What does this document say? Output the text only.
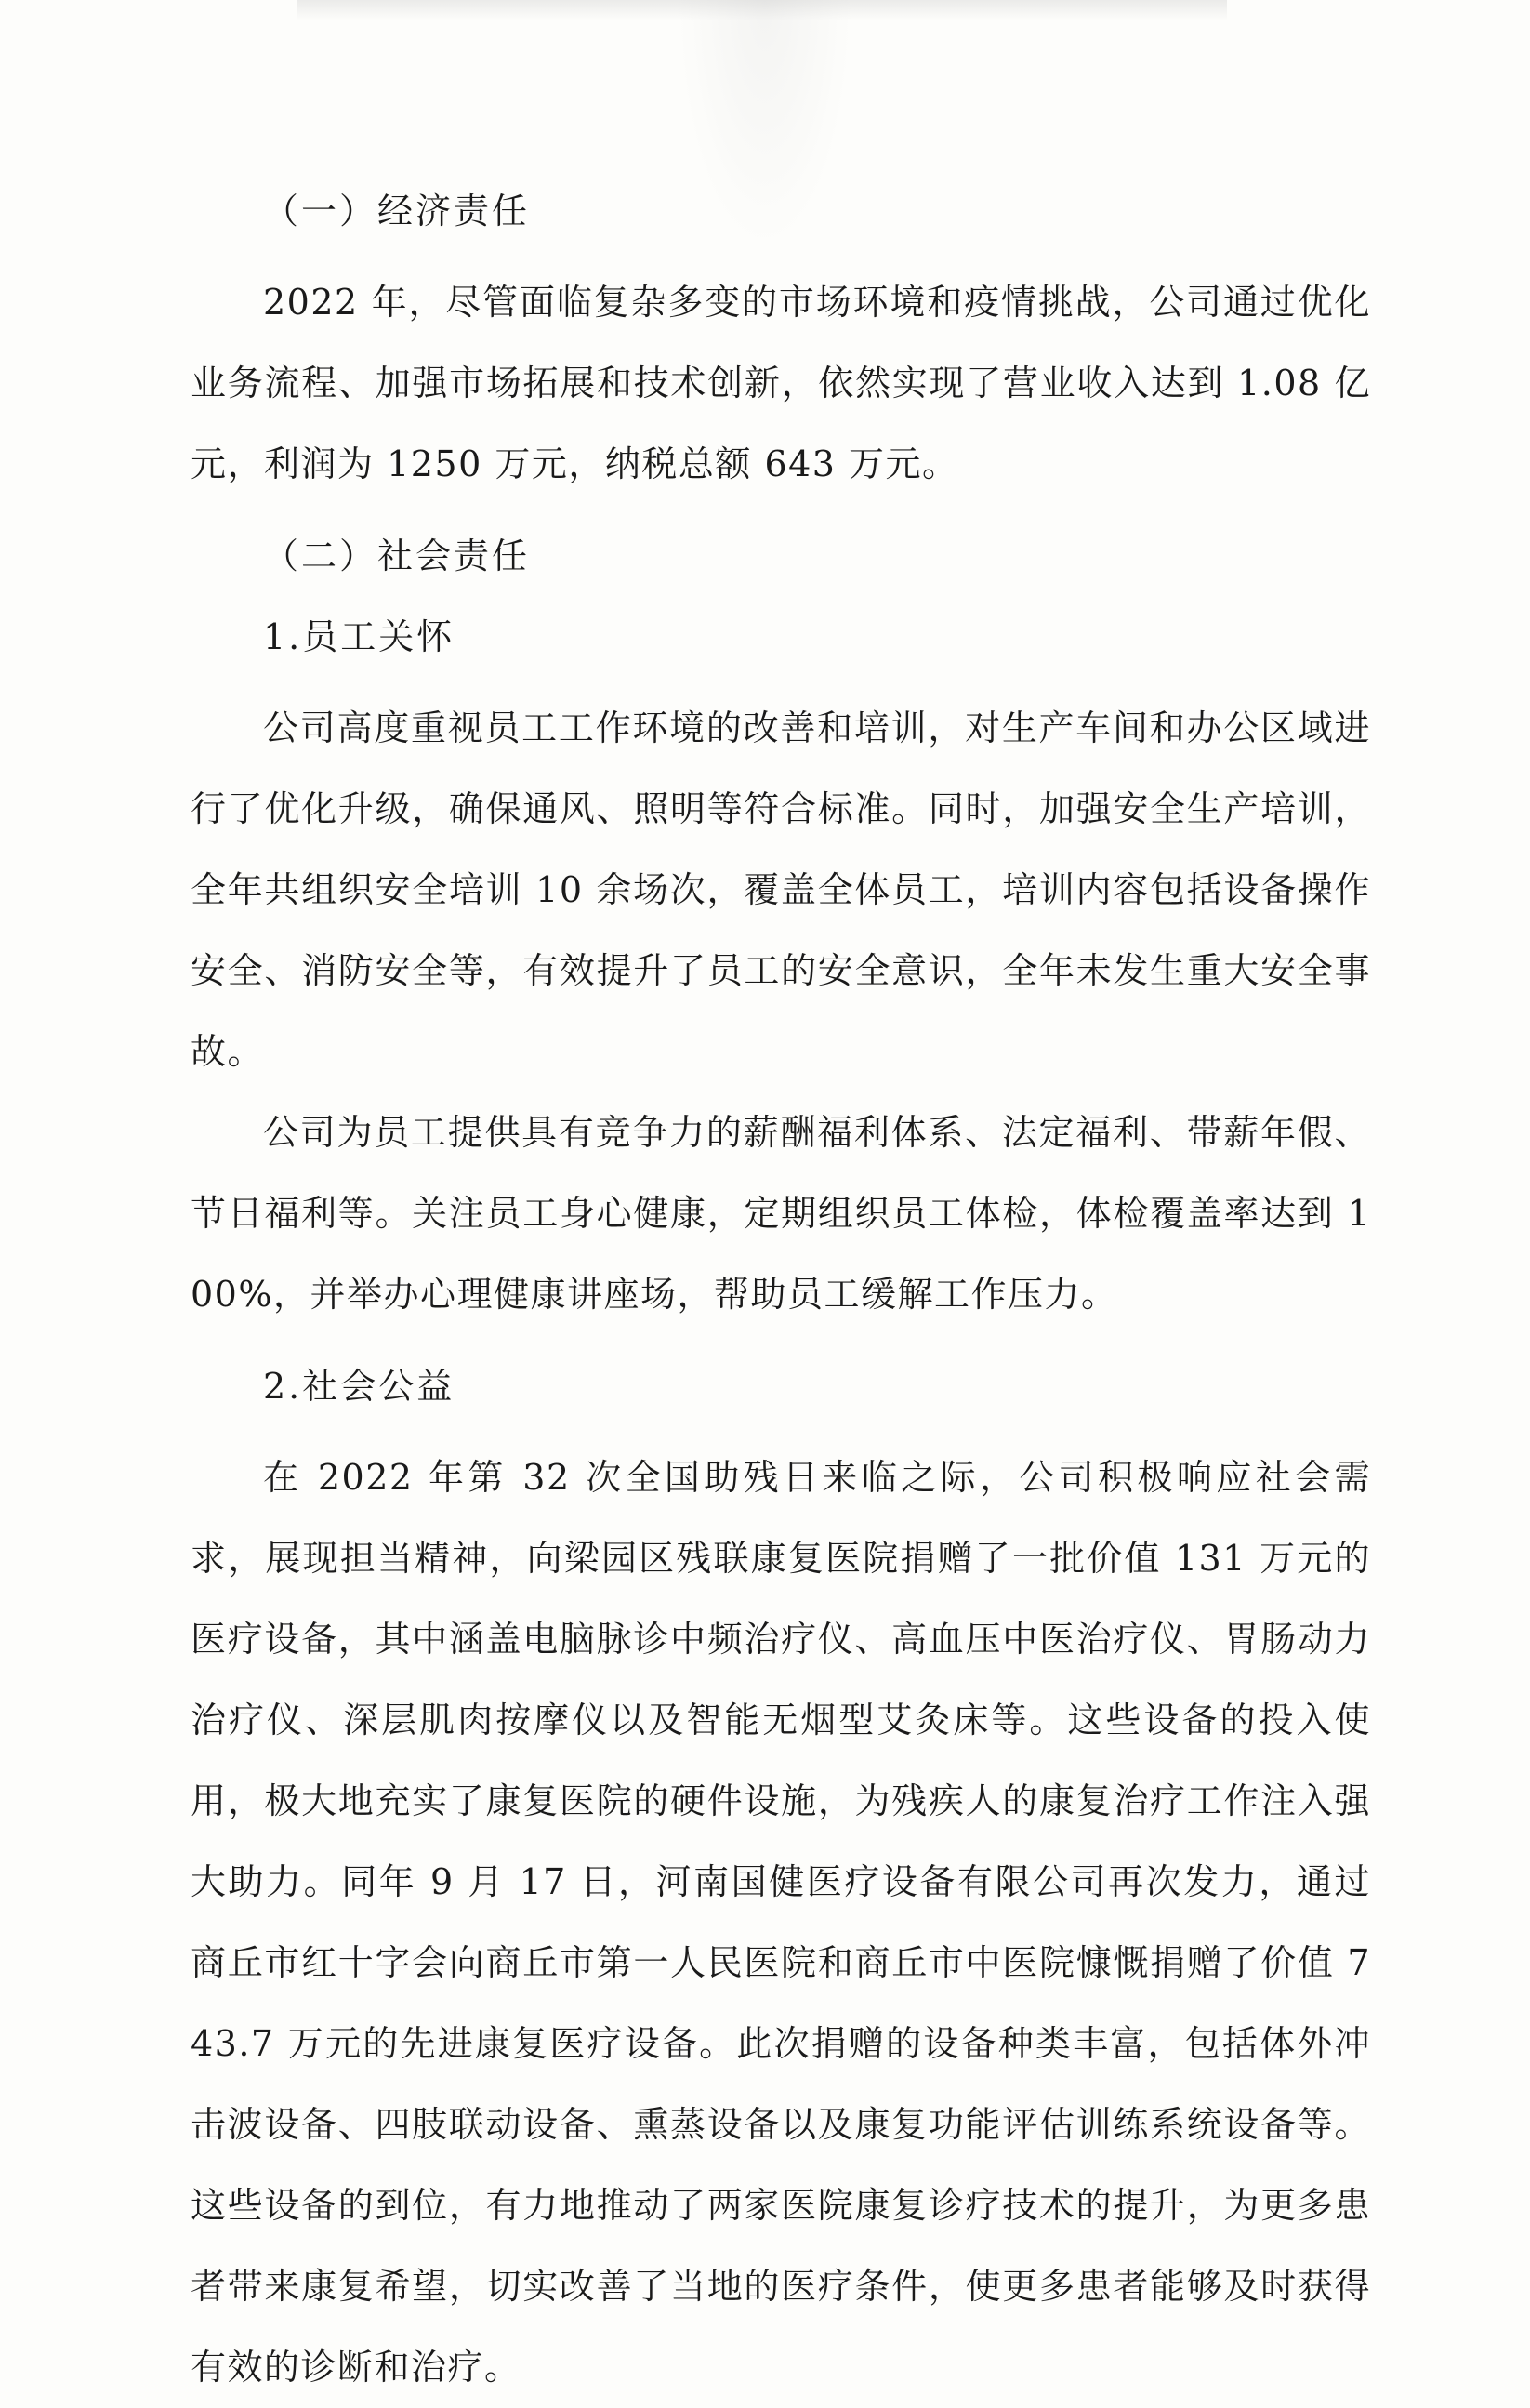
（一）经济责任

2022 年，尽管面临复杂多变的市场环境和疫情挑战，公司通过优化业务流程、加强市场拓展和技术创新，依然实现了营业收入达到 1.08 亿元，利润为 1250 万元，纳税总额 643 万元。

（二）社会责任
1.员工关怀

公司高度重视员工工作环境的改善和培训，对生产车间和办公区域进行了优化升级，确保通风、照明等符合标准。同时，加强安全生产培训，全年共组织安全培训 10 余场次，覆盖全体员工，培训内容包括设备操作安全、消防安全等，有效提升了员工的安全意识，全年未发生重大安全事故。

公司为员工提供具有竞争力的薪酬福利体系、法定福利、带薪年假、节日福利等。关注员工身心健康，定期组织员工体检，体检覆盖率达到 100%，并举办心理健康讲座场，帮助员工缓解工作压力。

2.社会公益

在 2022 年第 32 次全国助残日来临之际，公司积极响应社会需求，展现担当精神，向梁园区残联康复医院捐赠了一批价值 131 万元的医疗设备，其中涵盖电脑脉诊中频治疗仪、高血压中医治疗仪、胃肠动力治疗仪、深层肌肉按摩仪以及智能无烟型艾灸床等。这些设备的投入使用，极大地充实了康复医院的硬件设施，为残疾人的康复治疗工作注入强大助力。同年 9 月 17 日，河南国健医疗设备有限公司再次发力，通过商丘市红十字会向商丘市第一人民医院和商丘市中医院慷慨捐赠了价值 743.7 万元的先进康复医疗设备。此次捐赠的设备种类丰富，包括体外冲击波设备、四肢联动设备、熏蒸设备以及康复功能评估训练系统设备等。这些设备的到位，有力地推动了两家医院康复诊疗技术的提升，为更多患者带来康复希望，切实改善了当地的医疗条件，使更多患者能够及时获得有效的诊断和治疗。
